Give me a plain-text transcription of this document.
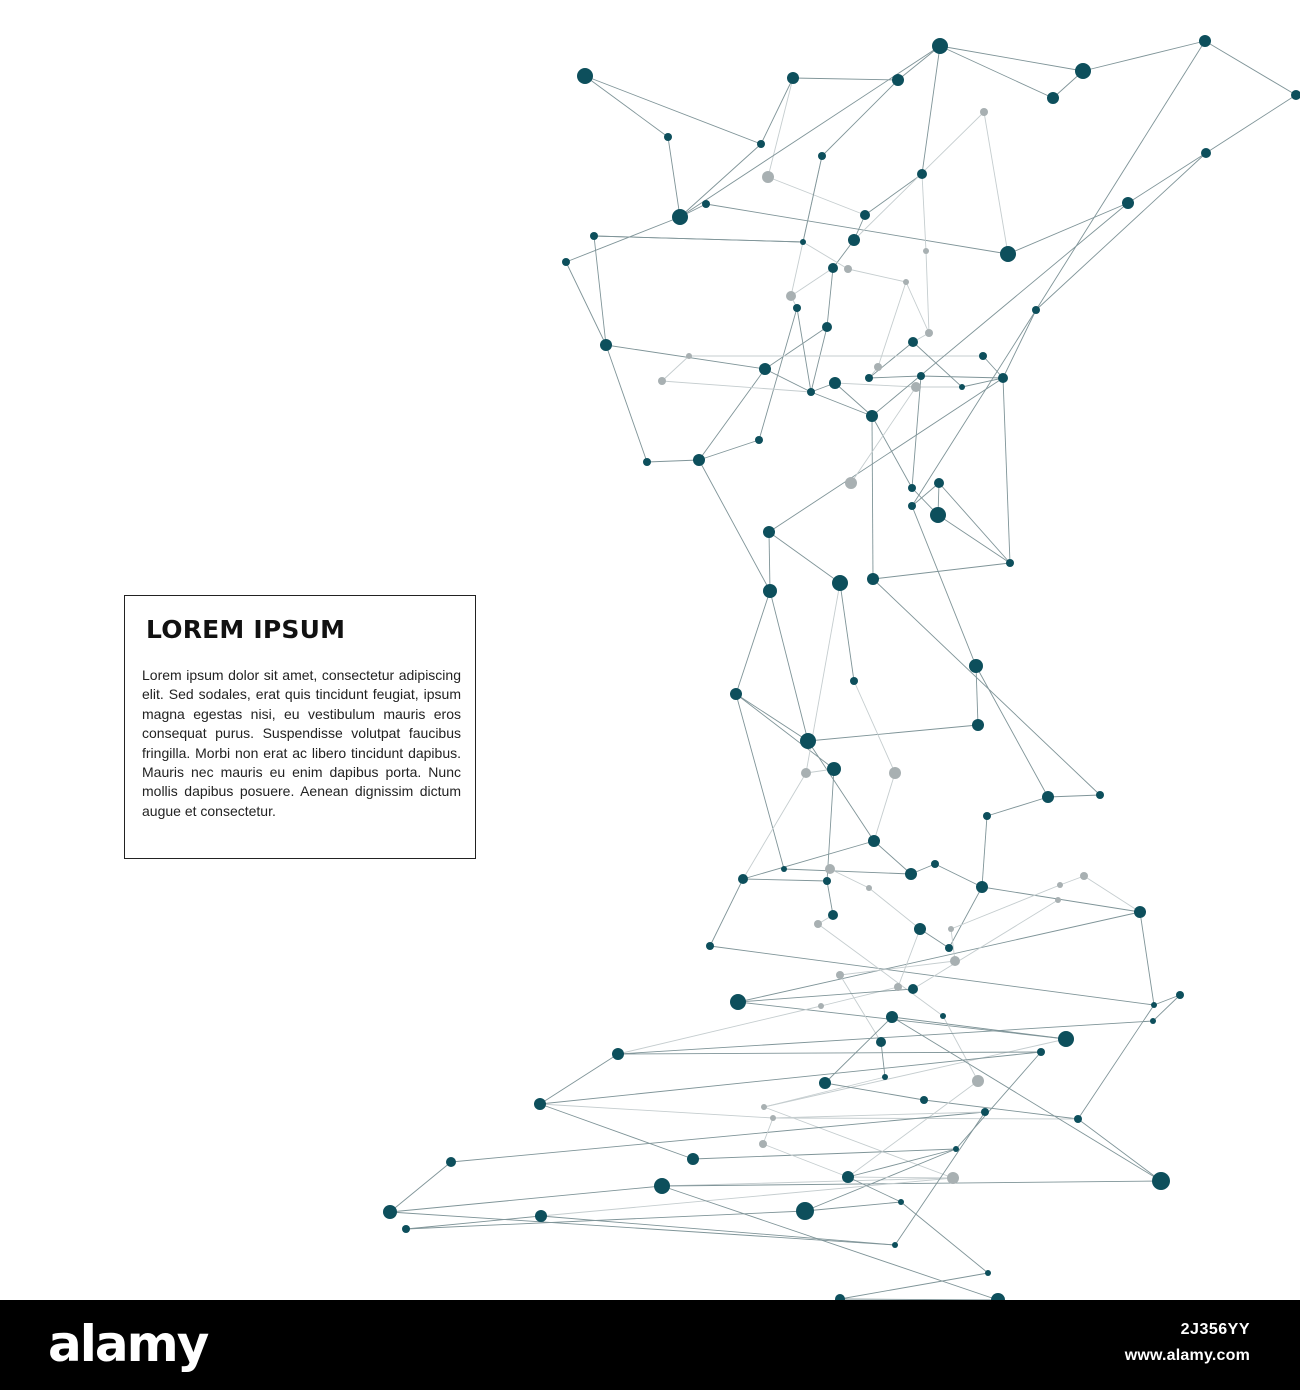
LOREM IPSUM
Lorem ipsum dolor sit amet, consectetur adipiscing elit. Sed sodales, erat quis tincidunt feugiat, ipsum magna egestas nisi, eu vestibulum mauris eros consequat purus. Suspendisse volutpat faucibus fringilla. Morbi non erat ac libero tincidunt dapibus. Mauris nec mauris eu enim dapibus porta. Nunc mollis dapibus posuere. Aenean dignissim dictum augue et consectetur.
alamy	2J356YY
www.alamy.com
